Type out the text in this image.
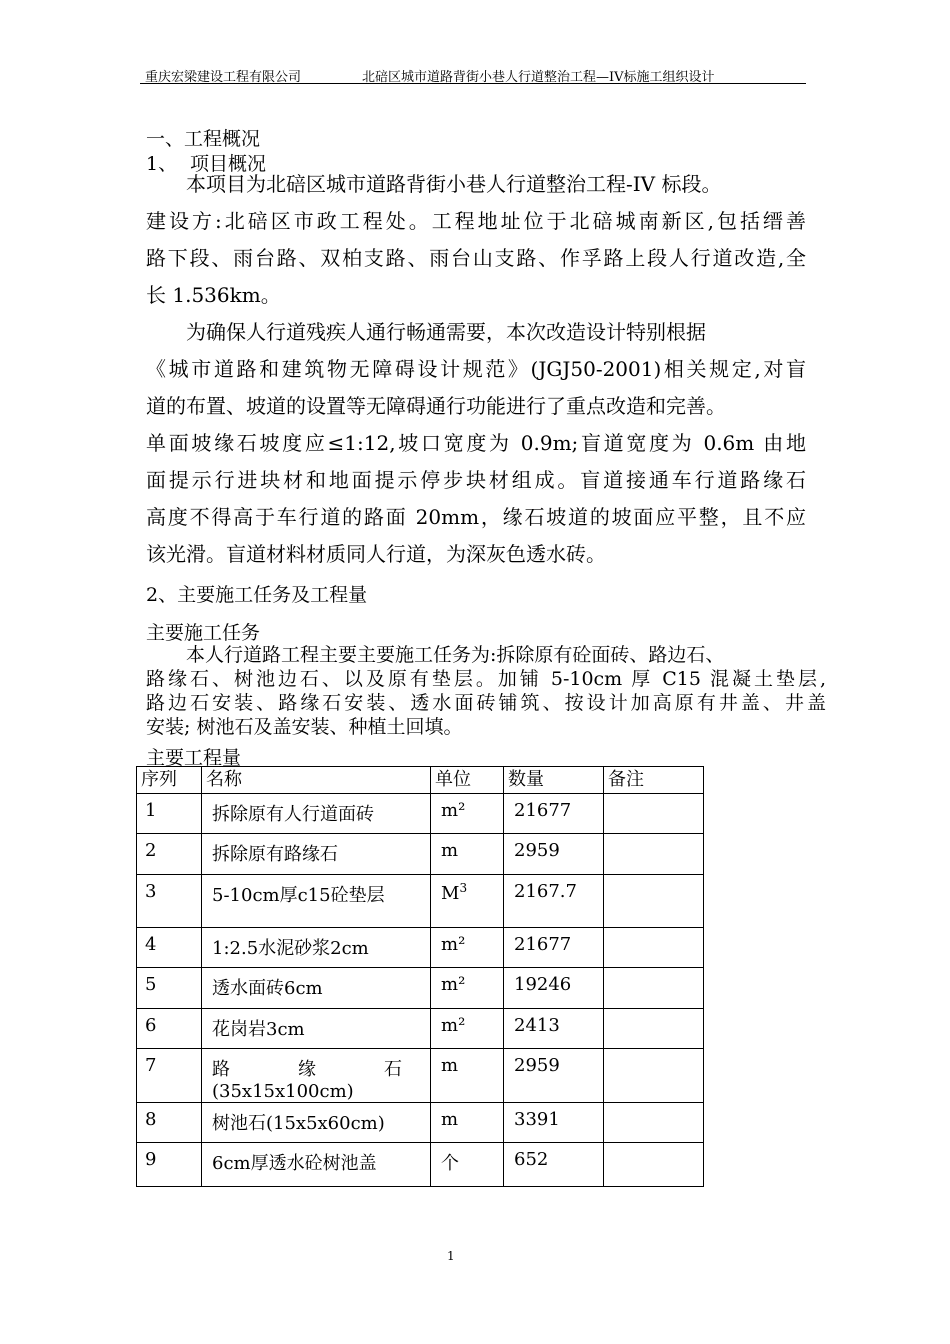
重庆宏梁建设工程有限公司	北碚区城市道路背街小巷人行道整治工程—IV标施工组织设计
一、工程概况
1、 项目概况
本项目为北碚区城市道路背街小巷人行道整治工程-IV 标段。
建设方:北碚区市政工程处。工程地址位于北碚城南新区,包括缙善
路下段、雨台路、双柏支路、雨台山支路、作孚路上段人行道改造,全
长 1.536km。
为确保人行道残疾人通行畅通需要，本次改造设计特别根据
《城市道路和建筑物无障碍设计规范》(JGJ50-2001)相关规定,对盲
道的布置、坡道的设置等无障碍通行功能进行了重点改造和完善。
单面坡缘石坡度应≤1:12,坡口宽度为 0.9m;盲道宽度为 0.6m 由地
面提示行进块材和地面提示停步块材组成。盲道接通车行道路缘石
高度不得高于车行道的路面 20mm，缘石坡道的坡面应平整，且不应
该光滑。盲道材料材质同人行道，为深灰色透水砖。
2、主要施工任务及工程量
主要施工任务
本人行道路工程主要主要施工任务为:拆除原有砼面砖、路边石、
路缘石、树池边石、以及原有垫层。加铺 5-10cm 厚 C15 混凝土垫层,
路边石安装、路缘石安装、透水面砖铺筑、按设计加高原有井盖、井盖
安装; 树池石及盖安装、种植土回填。
主要工程量
序列	名称	单位	数量	备注
1	拆除原有人行道面砖	m²	21677	
2	拆除原有路缘石	m	2959	
3	5-10cm厚c15砼垫层	$M^3$	2167.7	
4	1:2.5水泥砂浆2cm	m²	21677	
5	透水面砖6cm	m²	19246	
6	花岗岩3cm	m²	2413	
7	路 缘 石
(35x15x100cm)	m	2959	
8	树池石(15x5x60cm)	m	3391	
9	6cm厚透水砼树池盖	个	652	
1
